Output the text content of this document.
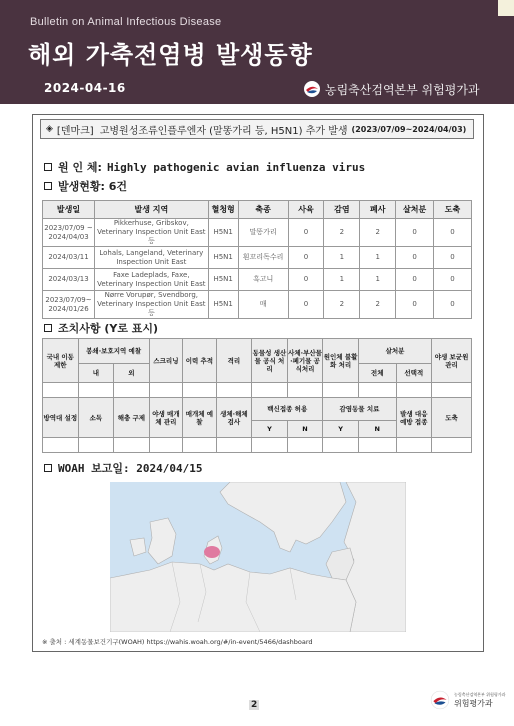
Bulletin on Animal Infectious Disease
해외 가축전염병 발생동향
2024-04-16	농림축산검역본부 위험평가과
◈ [덴마크] 고병원성조류인플루엔자 (말똥가리 등, H5N1) 추가 발생 (2023/07/09~2024/04/03)
원 인 체: Highly pathogenic avian influenza virus
발생현황: 6건
발생일	발생 지역	혈청형	축종	사육	감염	폐사	살처분	도축
2023/07/09 ~ 2024/04/03	Pikkerhuse, Gribskov, Veterinary Inspection Unit East 등	H5N1	말똥가리	0	2	2	0	0
2024/03/11	Lohals, Langeland, Veterinary Inspection Unit East	H5N1	흰꼬리독수리	0	1	1	0	0
2024/03/13	Faxe Ladeplads, Faxe, Veterinary Inspection Unit East	H5N1	흑고니	0	1	1	0	0
2023/07/09~ 2024/01/26	Nørre Vorupør, Svendborg, Veterinary Inspection Unit East 등	H5N1	매	0	2	2	0	0
조치사항 (Y로 표시)
국내 이동 제한	봉쇄·보호지역 예찰		스크리닝	이력 추적	격리	동물성 생산물 공식 처리	사체·부산물·폐기물 공식처리	원인체 불활화 처리	살처분		야생 보균원 관리
	내	외							전체	선택적	

방역대 설정	소독	해충 구제	야생 매개체 관리	매개체 예찰	생체·해체 검사	백신접종 허용		감염동물 치료		발생 대응 예방 접종	도축
						Y	N	Y	N		

WOAH 보고일: 2024/04/15
※ 출처 : 세계동물보건기구(WOAH) https://wahis.woah.org/#/in-event/5466/dashboard
2
농림축산검역본부 위험평가과
위험평가과
